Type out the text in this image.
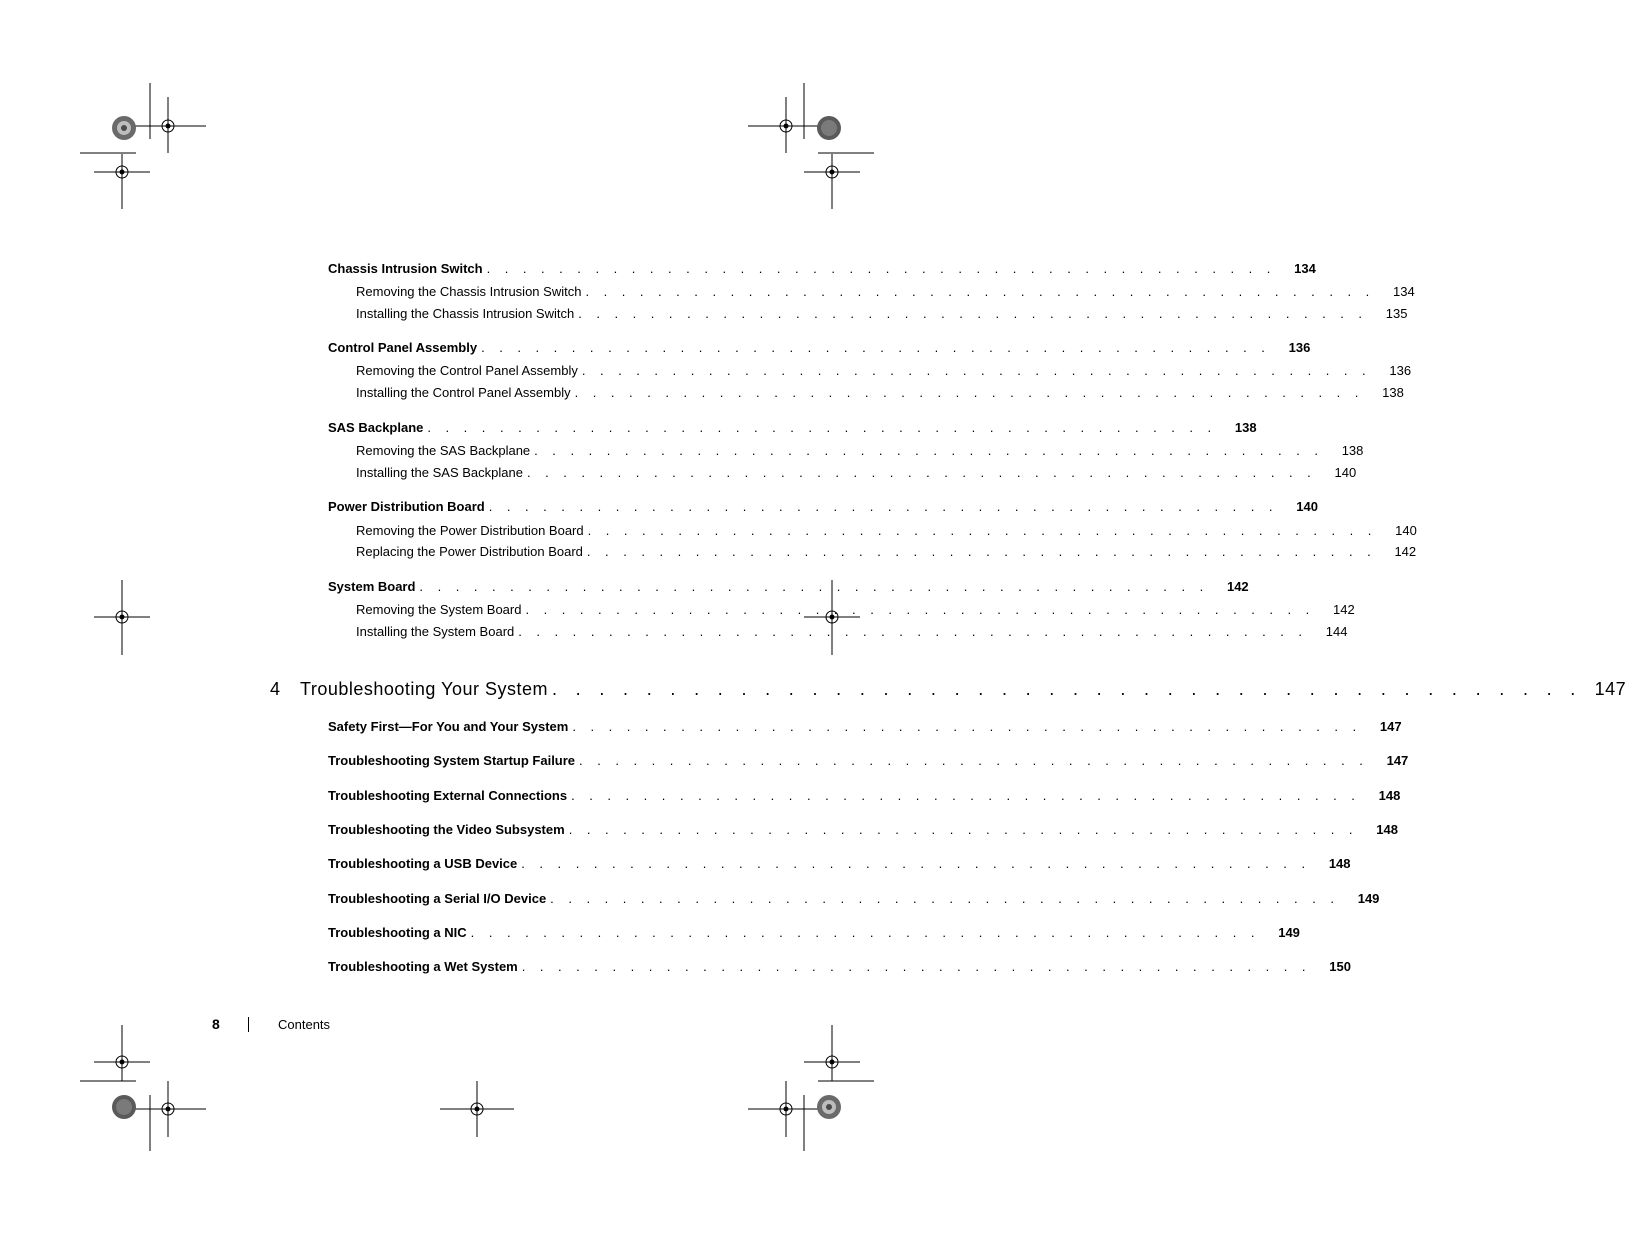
Chassis Intrusion Switch . . . . . . . . . . . . . . . . . . . . . . . . . . . . . . . . . . . . . . . . . . . .	134
Removing the Chassis Intrusion Switch . . . . . . . . . . . . . . . . . . . . . . . . . . . . . . . . . . . . . . . . . . . .	134
Installing the Chassis Intrusion Switch . . . . . . . . . . . . . . . . . . . . . . . . . . . . . . . . . . . . . . . . . . . .	135
Control Panel Assembly . . . . . . . . . . . . . . . . . . . . . . . . . . . . . . . . . . . . . . . . . . . .	136
Removing the Control Panel Assembly . . . . . . . . . . . . . . . . . . . . . . . . . . . . . . . . . . . . . . . . . . . .	136
Installing the Control Panel Assembly . . . . . . . . . . . . . . . . . . . . . . . . . . . . . . . . . . . . . . . . . . . .	138
SAS Backplane . . . . . . . . . . . . . . . . . . . . . . . . . . . . . . . . . . . . . . . . . . . .	138
Removing the SAS Backplane . . . . . . . . . . . . . . . . . . . . . . . . . . . . . . . . . . . . . . . . . . . .	138
Installing the SAS Backplane . . . . . . . . . . . . . . . . . . . . . . . . . . . . . . . . . . . . . . . . . . . .	140
Power Distribution Board . . . . . . . . . . . . . . . . . . . . . . . . . . . . . . . . . . . . . . . . . . . .	140
Removing the Power Distribution Board . . . . . . . . . . . . . . . . . . . . . . . . . . . . . . . . . . . . . . . . . . . .	140
Replacing the Power Distribution Board . . . . . . . . . . . . . . . . . . . . . . . . . . . . . . . . . . . . . . . . . . . .	142
System Board . . . . . . . . . . . . . . . . . . . . . . . . . . . . . . . . . . . . . . . . . . . .	142
Removing the System Board . . . . . . . . . . . . . . . . . . . . . . . . . . . . . . . . . . . . . . . . . . . .	142
Installing the System Board . . . . . . . . . . . . . . . . . . . . . . . . . . . . . . . . . . . . . . . . . . . .	144
4	Troubleshooting Your System . . . . . . . . . . . . . . . . . . . . . . . . . . . . . . . . . . . . . . . . . . . . 147
Safety First—For You and Your System . . . . . . . . . . . . . . . . . . . . . . . . . . . . . . . . . . . . . . . . . . . .	147
Troubleshooting System Startup Failure . . . . . . . . . . . . . . . . . . . . . . . . . . . . . . . . . . . . . . . . . . . .	147
Troubleshooting External Connections . . . . . . . . . . . . . . . . . . . . . . . . . . . . . . . . . . . . . . . . . . . .	148
Troubleshooting the Video Subsystem . . . . . . . . . . . . . . . . . . . . . . . . . . . . . . . . . . . . . . . . . . . .	148
Troubleshooting a USB Device . . . . . . . . . . . . . . . . . . . . . . . . . . . . . . . . . . . . . . . . . . . .	148
Troubleshooting a Serial I/O Device . . . . . . . . . . . . . . . . . . . . . . . . . . . . . . . . . . . . . . . . . . . .	149
Troubleshooting a NIC . . . . . . . . . . . . . . . . . . . . . . . . . . . . . . . . . . . . . . . . . . . .	149
Troubleshooting a Wet System . . . . . . . . . . . . . . . . . . . . . . . . . . . . . . . . . . . . . . . . . . . .	150
8	Contents
